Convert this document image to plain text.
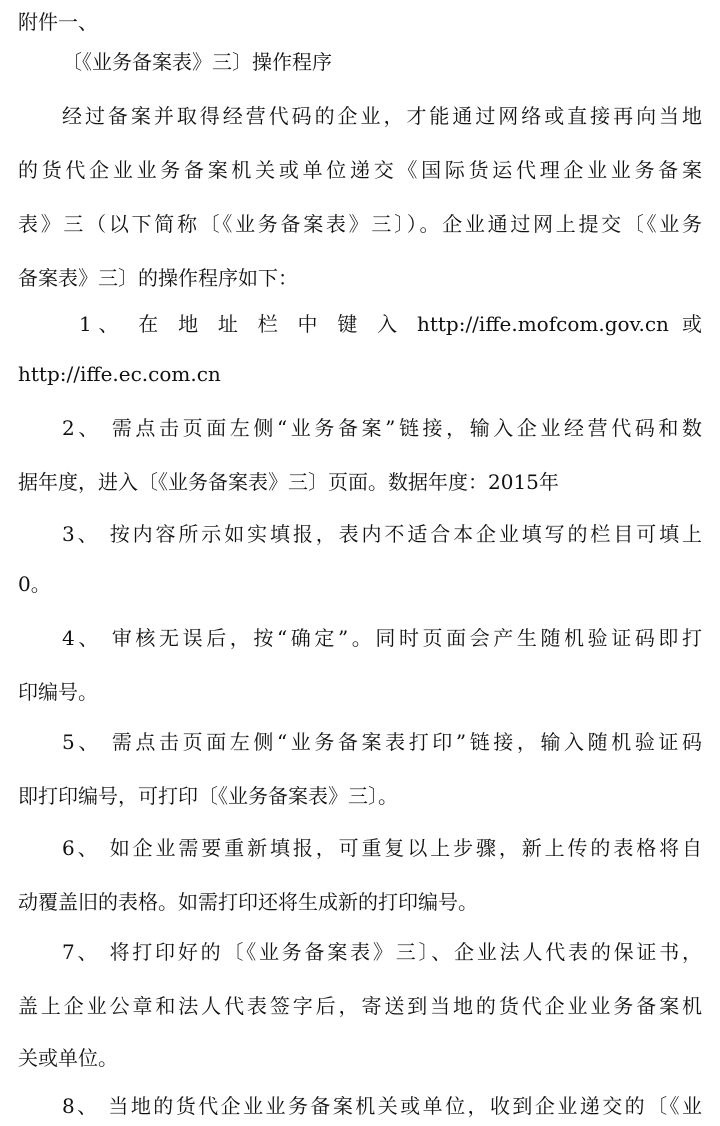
附件一、
〔《业务备案表》三〕操作程序
经过备案并取得经营代码的企业，才能通过网络或直接再向当地
的货代企业业务备案机关或单位递交《国际货运代理企业业务备案
表》三（以下简称〔《业务备案表》三〕）。企业通过网上提交〔《业务
备案表》三〕的操作程序如下：
1、 在 地 址 栏 中 键 入 http://iffe.mofcom.gov.cn 或
http://iffe.ec.com.cn
2、 需点击页面左侧“业务备案”链接，输入企业经营代码和数
据年度，进入〔《业务备案表》三〕页面。数据年度：2015年
3、 按内容所示如实填报，表内不适合本企业填写的栏目可填上
0。
4、 审核无误后，按“确定”。同时页面会产生随机验证码即打
印编号。
5、 需点击页面左侧“业务备案表打印”链接，输入随机验证码
即打印编号，可打印〔《业务备案表》三〕。
6、 如企业需要重新填报，可重复以上步骤，新上传的表格将自
动覆盖旧的表格。如需打印还将生成新的打印编号。
7、 将打印好的〔《业务备案表》三〕、企业法人代表的保证书，
盖上企业公章和法人代表签字后，寄送到当地的货代企业业务备案机
关或单位。
8、 当地的货代企业业务备案机关或单位，收到企业递交的〔《业
